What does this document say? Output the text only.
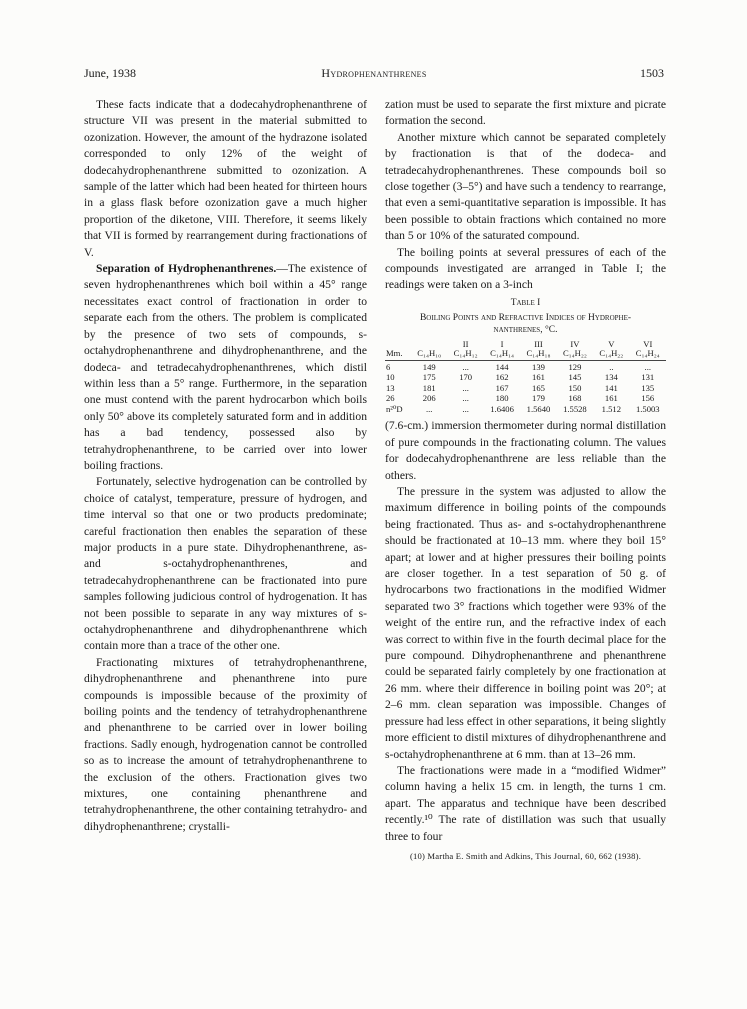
June, 1938	Hydrophenanthrenes	1503

These facts indicate that a dodecahydrophenanthrene of structure VII was present in the material submitted to ozonization. However, the amount of the hydrazone isolated corresponded to only 12% of the weight of dodecahydrophenanthrene submitted to ozonization. A sample of the latter which had been heated for thirteen hours in a glass flask before ozonization gave a much higher proportion of the diketone, VIII. Therefore, it seems likely that VII is formed by rearrangement during fractionations of V.

Separation of Hydrophenanthrenes.—The existence of seven hydrophenanthrenes which boil within a 45° range necessitates exact control of fractionation in order to separate each from the others. The problem is complicated by the presence of two sets of compounds, s-octahydrophenanthrene and dihydrophenanthrene, and the dodeca- and tetradecahydrophenanthrenes, which distil within less than a 5° range. Furthermore, in the separation one must contend with the parent hydrocarbon which boils only 50° above its completely saturated form and in addition has a bad tendency, possessed also by tetrahydrophenanthrene, to be carried over into lower boiling fractions.

Fortunately, selective hydrogenation can be controlled by choice of catalyst, temperature, pressure of hydrogen, and time interval so that one or two products predominate; careful fractionation then enables the separation of these major products in a pure state. Dihydrophenanthrene, as- and s-octahydrophenanthrenes, and tetradecahydrophenanthrene can be fractionated into pure samples following judicious control of hydrogenation. It has not been possible to separate in any way mixtures of s-octahydrophenanthrene and dihydrophenanthrene which contain more than a trace of the other one.

Fractionating mixtures of tetrahydrophenanthrene, dihydrophenanthrene and phenanthrene into pure compounds is impossible because of the proximity of boiling points and the tendency of tetrahydrophenanthrene and phenanthrene to be carried over in lower boiling fractions. Sadly enough, hydrogenation cannot be controlled so as to increase the amount of tetrahydrophenanthrene to the exclusion of the others. Fractionation gives two mixtures, one containing phenanthrene and tetrahydrophenanthrene, the other containing tetrahydro- and dihydrophenanthrene; crystalli-

zation must be used to separate the first mixture and picrate formation the second.

Another mixture which cannot be separated completely by fractionation is that of the dodeca- and tetradecahydrophenanthrenes. These compounds boil so close together (3–5°) and have such a tendency to rearrange, that even a semi-quantitative separation is impossible. It has been possible to obtain fractions which contained no more than 5 or 10% of the saturated compound.

The boiling points at several pressures of each of the compounds investigated are arranged in Table I; the readings were taken on a 3-inch

Table I
Boiling Points and Refractive Indices of Hydrophe-
nanthrenes, °C.
		II	I	III	IV	V	VI
Mm.	C₁₄H₁₀	C₁₄H₁₂	C₁₄H₁₄	C₁₄H₁₈	C₁₄H₂₂	C₁₄H₂₂	C₁₄H₂₄
6	149	...	144	139	129	..	...
10	175	170	162	161	145	134	131
13	181	...	167	165	150	141	135
26	206	...	180	179	168	161	156
n²⁰D	...	...	1.6406	1.5640	1.5528	1.512	1.5003

(7.6-cm.) immersion thermometer during normal distillation of pure compounds in the fractionating column. The values for dodecahydrophenanthrene are less reliable than the others.

The pressure in the system was adjusted to allow the maximum difference in boiling points of the compounds being fractionated. Thus as- and s-octahydrophenanthrene should be fractionated at 10–13 mm. where they boil 15° apart; at lower and at higher pressures their boiling points are closer together. In a test separation of 50 g. of hydrocarbons two fractionations in the modified Widmer separated two 3° fractions which together were 93% of the weight of the entire run, and the refractive index of each was correct to within five in the fourth decimal place for the pure compound. Dihydrophenanthrene and phenanthrene could be separated fairly completely by one fractionation at 26 mm. where their difference in boiling point was 20°; at 2–6 mm. clean separation was impossible. Changes of pressure had less effect in other separations, it being slightly more efficient to distil mixtures of dihydrophenanthrene and s-octahydrophenanthrene at 6 mm. than at 13–26 mm.

The fractionations were made in a “modified Widmer” column having a helix 15 cm. in length, the turns 1 cm. apart. The apparatus and technique have been described recently.¹⁰ The rate of distillation was such that usually three to four

(10) Martha E. Smith and Adkins, This Journal, 60, 662 (1938).
